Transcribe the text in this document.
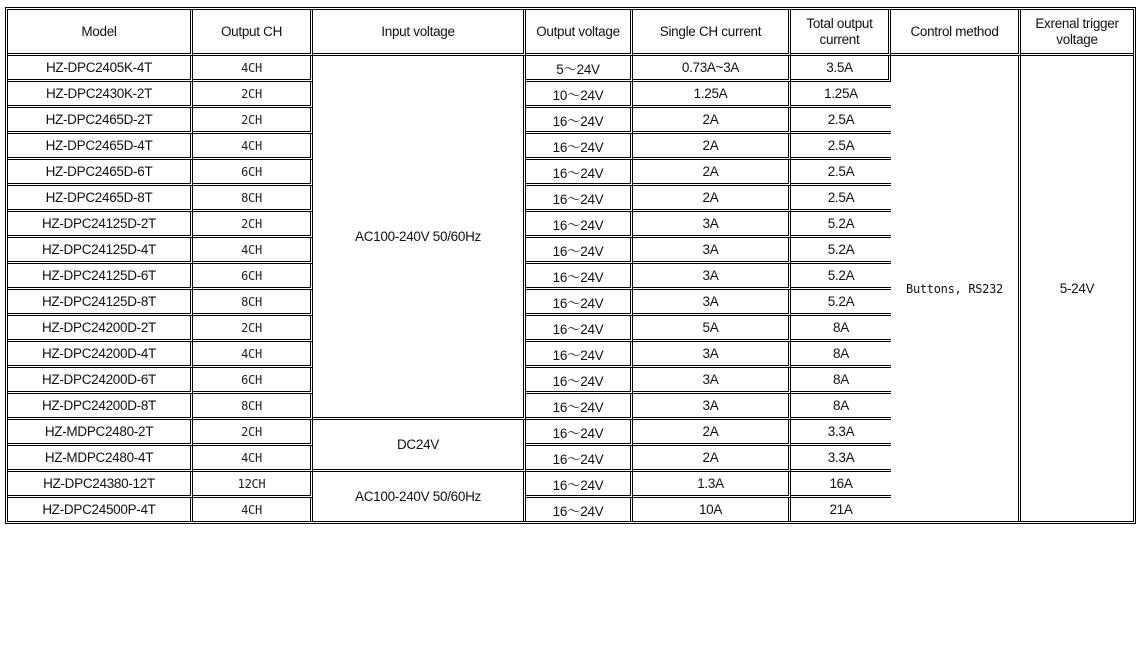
Model	Output CH	Input voltage	Output voltage	Single CH current	Total output current	Control method	Exrenal trigger voltage
HZ-DPC2405K-4T	4CH	AC100-240V 50/60Hz	5～24V	0.73A~3A	3.5A	Buttons, RS232	5-24V
HZ-DPC2430K-2T	2CH		10～24V	1.25A	1.25A		
HZ-DPC2465D-2T	2CH		16～24V	2A	2.5A		
HZ-DPC2465D-4T	4CH		16～24V	2A	2.5A		
HZ-DPC2465D-6T	6CH		16～24V	2A	2.5A		
HZ-DPC2465D-8T	8CH		16～24V	2A	2.5A		
HZ-DPC24125D-2T	2CH		16～24V	3A	5.2A		
HZ-DPC24125D-4T	4CH		16～24V	3A	5.2A		
HZ-DPC24125D-6T	6CH		16～24V	3A	5.2A		
HZ-DPC24125D-8T	8CH		16～24V	3A	5.2A		
HZ-DPC24200D-2T	2CH		16～24V	5A	8A		
HZ-DPC24200D-4T	4CH		16～24V	3A	8A		
HZ-DPC24200D-6T	6CH		16～24V	3A	8A		
HZ-DPC24200D-8T	8CH		16～24V	3A	8A		
HZ-MDPC2480-2T	2CH	DC24V	16～24V	2A	3.3A		
HZ-MDPC2480-4T	4CH		16～24V	2A	3.3A		
HZ-DPC24380-12T	12CH	AC100-240V 50/60Hz	16～24V	1.3A	16A		
HZ-DPC24500P-4T	4CH		16～24V	10A	21A		
